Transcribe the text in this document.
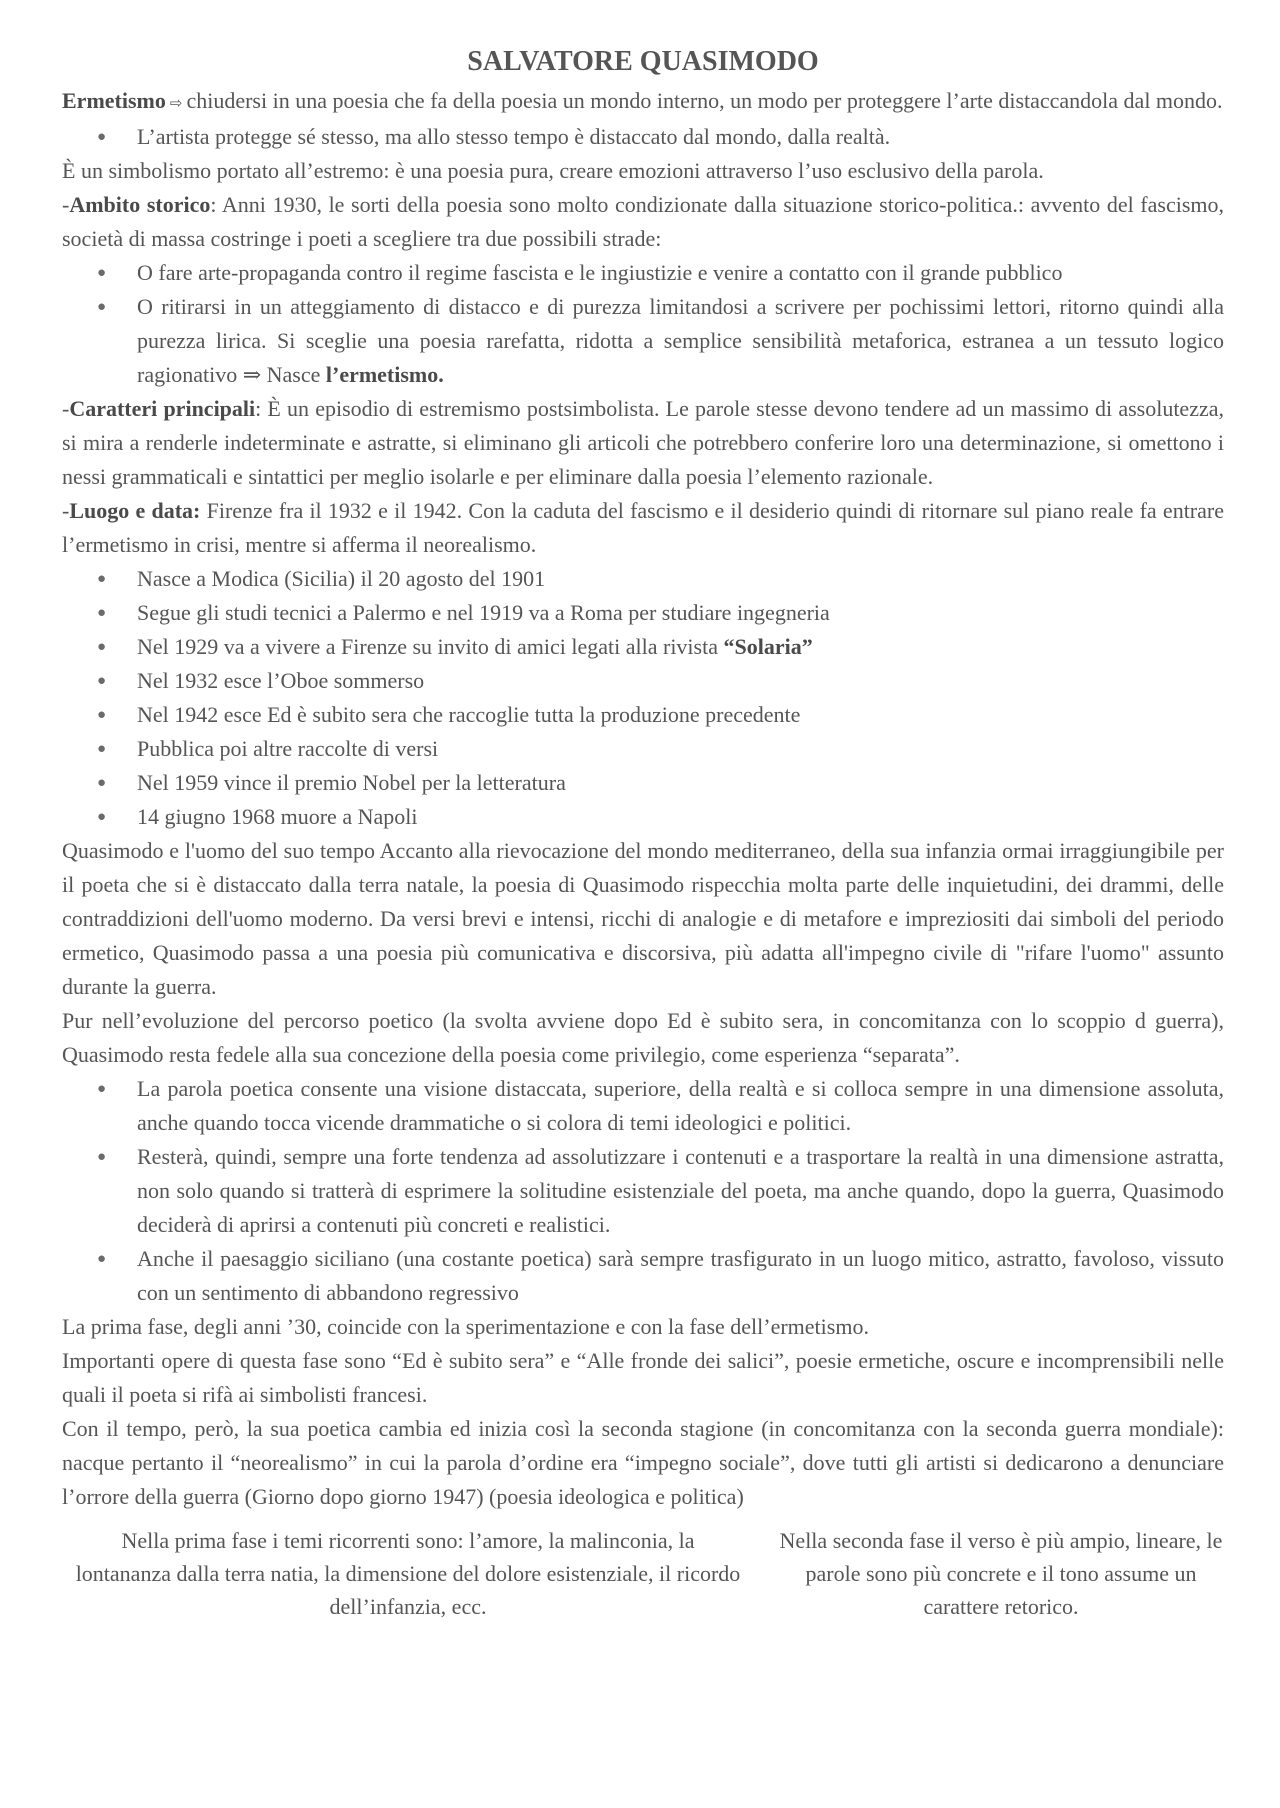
SALVATORE QUASIMODO

Ermetismo ⇨ chiudersi in una poesia che fa della poesia un mondo interno, un modo per proteggere l’arte distaccandola dal mondo.

● L’artista protegge sé stesso, ma allo stesso tempo è distaccato dal mondo, dalla realtà.

È un simbolismo portato all’estremo: è una poesia pura, creare emozioni attraverso l’uso esclusivo della parola.

-Ambito storico: Anni 1930, le sorti della poesia sono molto condizionate dalla situazione storico-politica.: avvento del fascismo, società di massa costringe i poeti a scegliere tra due possibili strade:

● O fare arte-propaganda contro il regime fascista e le ingiustizie e venire a contatto con il grande pubblico
● O ritirarsi in un atteggiamento di distacco e di purezza limitandosi a scrivere per pochissimi lettori, ritorno quindi alla purezza lirica. Si sceglie una poesia rarefatta, ridotta a semplice sensibilità metaforica, estranea a un tessuto logico ragionativo ⇒ Nasce l’ermetismo.

-Caratteri principali: È un episodio di estremismo postsimbolista. Le parole stesse devono tendere ad un massimo di assolutezza, si mira a renderle indeterminate e astratte, si eliminano gli articoli che potrebbero conferire loro una determinazione, si omettono i nessi grammaticali e sintattici per meglio isolarle e per eliminare dalla poesia l’elemento razionale.

-Luogo e data: Firenze fra il 1932 e il 1942. Con la caduta del fascismo e il desiderio quindi di ritornare sul piano reale fa entrare l’ermetismo in crisi, mentre si afferma il neorealismo.

● Nasce a Modica (Sicilia) il 20 agosto del 1901
● Segue gli studi tecnici a Palermo e nel 1919 va a Roma per studiare ingegneria
● Nel 1929 va a vivere a Firenze su invito di amici legati alla rivista “Solaria”
● Nel 1932 esce l’Oboe sommerso
● Nel 1942 esce Ed è subito sera che raccoglie tutta la produzione precedente
● Pubblica poi altre raccolte di versi
● Nel 1959 vince il premio Nobel per la letteratura
● 14 giugno 1968 muore a Napoli

Quasimodo e l'uomo del suo tempo Accanto alla rievocazione del mondo mediterraneo, della sua infanzia ormai irraggiungibile per il poeta che si è distaccato dalla terra natale, la poesia di Quasimodo rispecchia molta parte delle inquietudini, dei drammi, delle contraddizioni dell'uomo moderno. Da versi brevi e intensi, ricchi di analogie e di metafore e impreziositi dai simboli del periodo ermetico, Quasimodo passa a una poesia più comunicativa e discorsiva, più adatta all'impegno civile di "rifare l'uomo" assunto durante la guerra.

Pur nell’evoluzione del percorso poetico (la svolta avviene dopo Ed è subito sera, in concomitanza con lo scoppio d guerra), Quasimodo resta fedele alla sua concezione della poesia come privilegio, come esperienza “separata”.

● La parola poetica consente una visione distaccata, superiore, della realtà e si colloca sempre in una dimensione assoluta, anche quando tocca vicende drammatiche o si colora di temi ideologici e politici.
● Resterà, quindi, sempre una forte tendenza ad assolutizzare i contenuti e a trasportare la realtà in una dimensione astratta, non solo quando si tratterà di esprimere la solitudine esistenziale del poeta, ma anche quando, dopo la guerra, Quasimodo deciderà di aprirsi a contenuti più concreti e realistici.
● Anche il paesaggio siciliano (una costante poetica) sarà sempre trasfigurato in un luogo mitico, astratto, favoloso, vissuto con un sentimento di abbandono regressivo

La prima fase, degli anni ’30, coincide con la sperimentazione e con la fase dell’ermetismo.

Importanti opere di questa fase sono “Ed è subito sera” e “Alle fronde dei salici”, poesie ermetiche, oscure e incomprensibili nelle quali il poeta si rifà ai simbolisti francesi.

Con il tempo, però, la sua poetica cambia ed inizia così la seconda stagione (in concomitanza con la seconda guerra mondiale): nacque pertanto il “neorealismo” in cui la parola d’ordine era “impegno sociale”, dove tutti gli artisti si dedicarono a denunciare l’orrore della guerra (Giorno dopo giorno 1947) (poesia ideologica e politica)

Nella prima fase i temi ricorrenti sono: l’amore, la malinconia, la lontananza dalla terra natia, la dimensione del dolore esistenziale, il ricordo dell’infanzia, ecc.
Nella seconda fase il verso è più ampio, lineare, le parole sono più concrete e il tono assume un carattere retorico.
